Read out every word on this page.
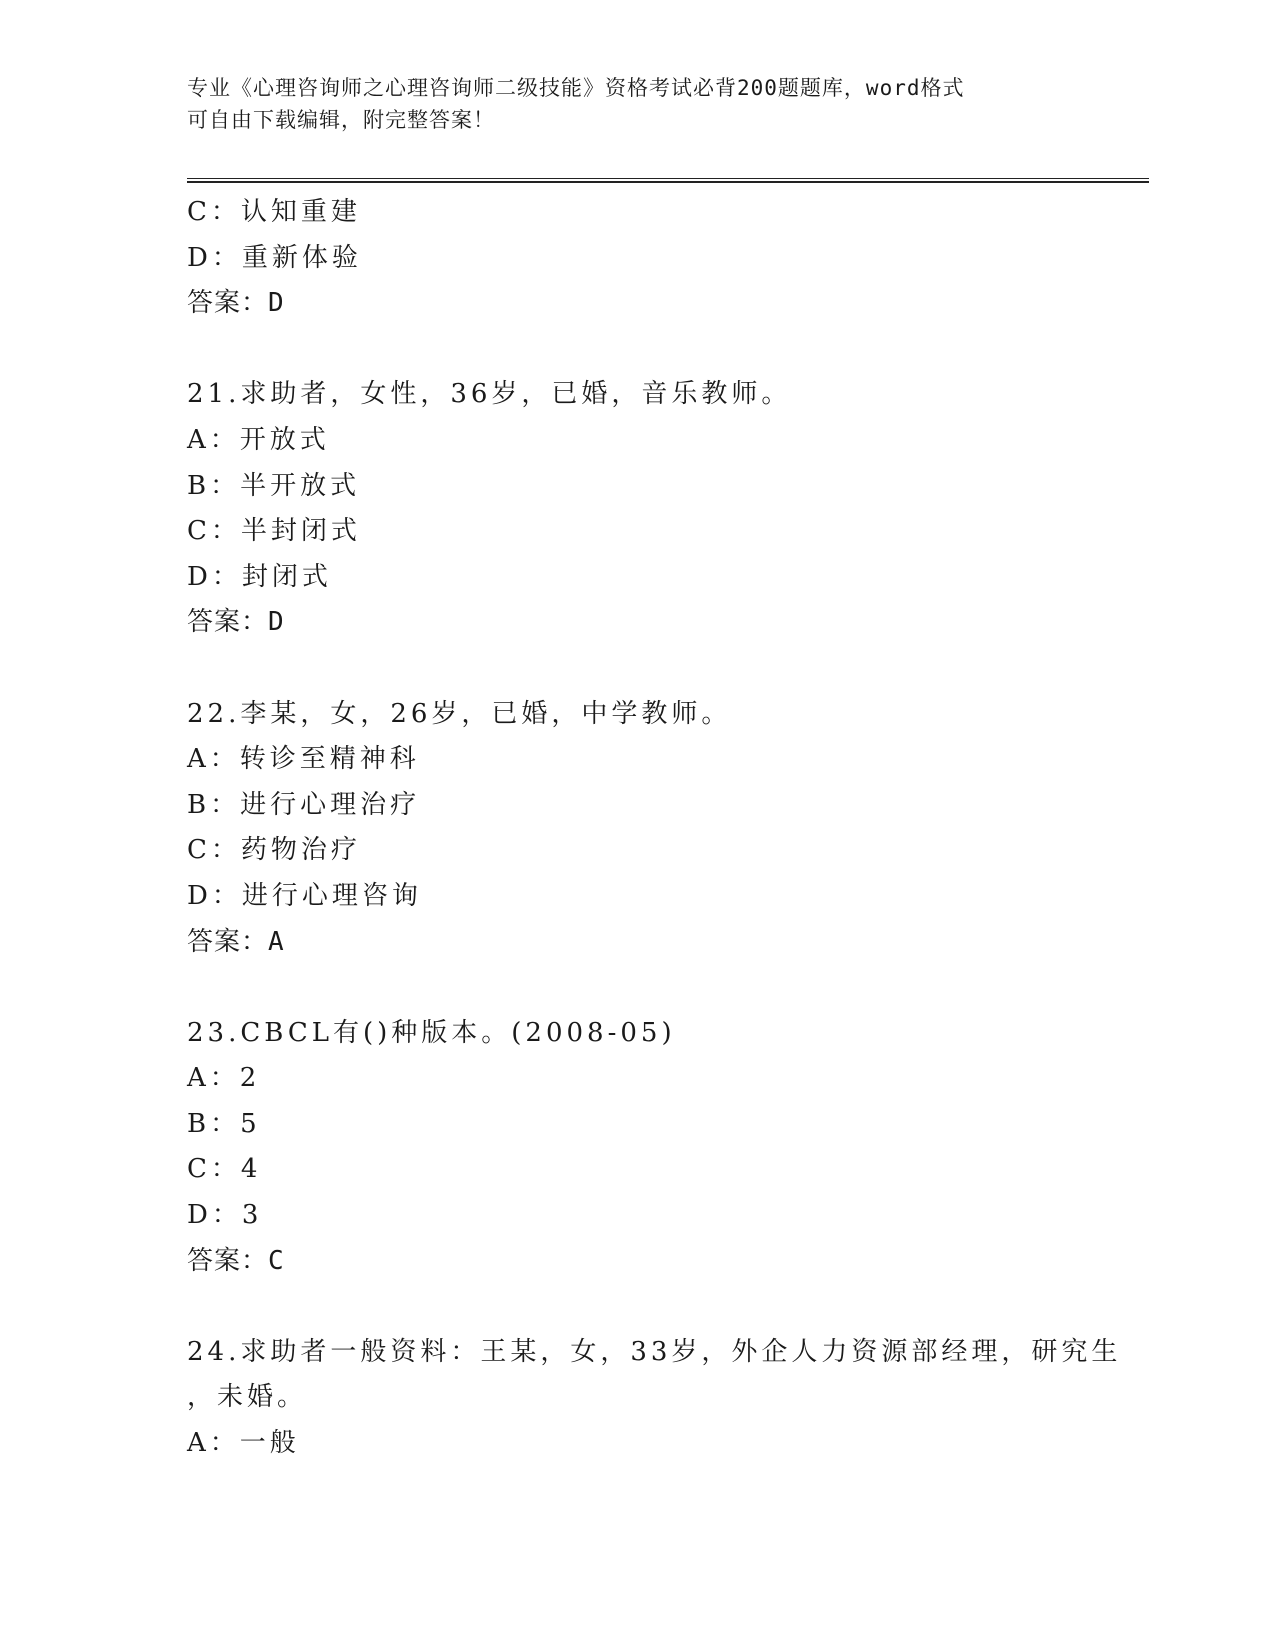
专业《心理咨询师之心理咨询师二级技能》资格考试必背200题题库，word格式
可自由下载编辑，附完整答案！
C：认知重建
D：重新体验
答案：D
21.求助者，女性，36岁，已婚，音乐教师。
A：开放式
B：半开放式
C：半封闭式
D：封闭式
答案：D
22.李某，女，26岁，已婚，中学教师。
A：转诊至精神科
B：进行心理治疗
C：药物治疗
D：进行心理咨询
答案：A
23.CBCL有()种版本。(2008-05)
A：2
B：5
C：4
D：3
答案：C
24.求助者一般资料：王某，女，33岁，外企人力资源部经理，研究生
，未婚。
A：一般
